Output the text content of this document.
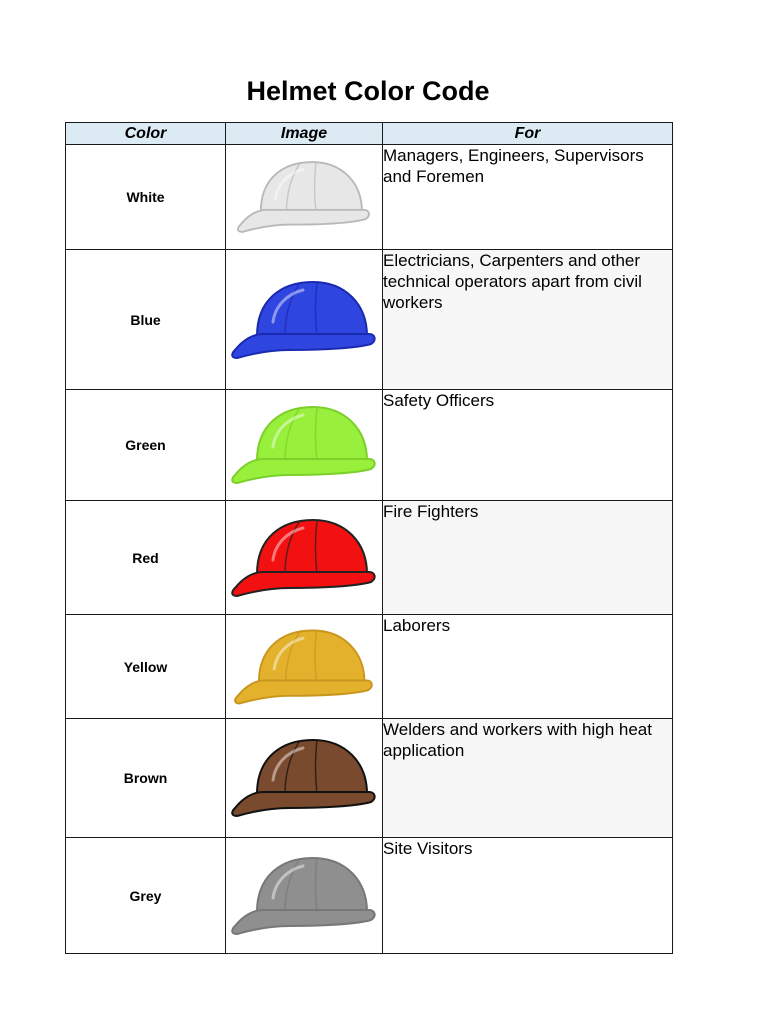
Helmet Color Code
Color	Image	For
White		Managers, Engineers, Supervisors and Foremen
Blue		Electricians, Carpenters and other technical operators apart from civil workers
Green		Safety Officers
Red		Fire Fighters
Yellow		Laborers
Brown		Welders and workers with high heat application
Grey		Site Visitors
